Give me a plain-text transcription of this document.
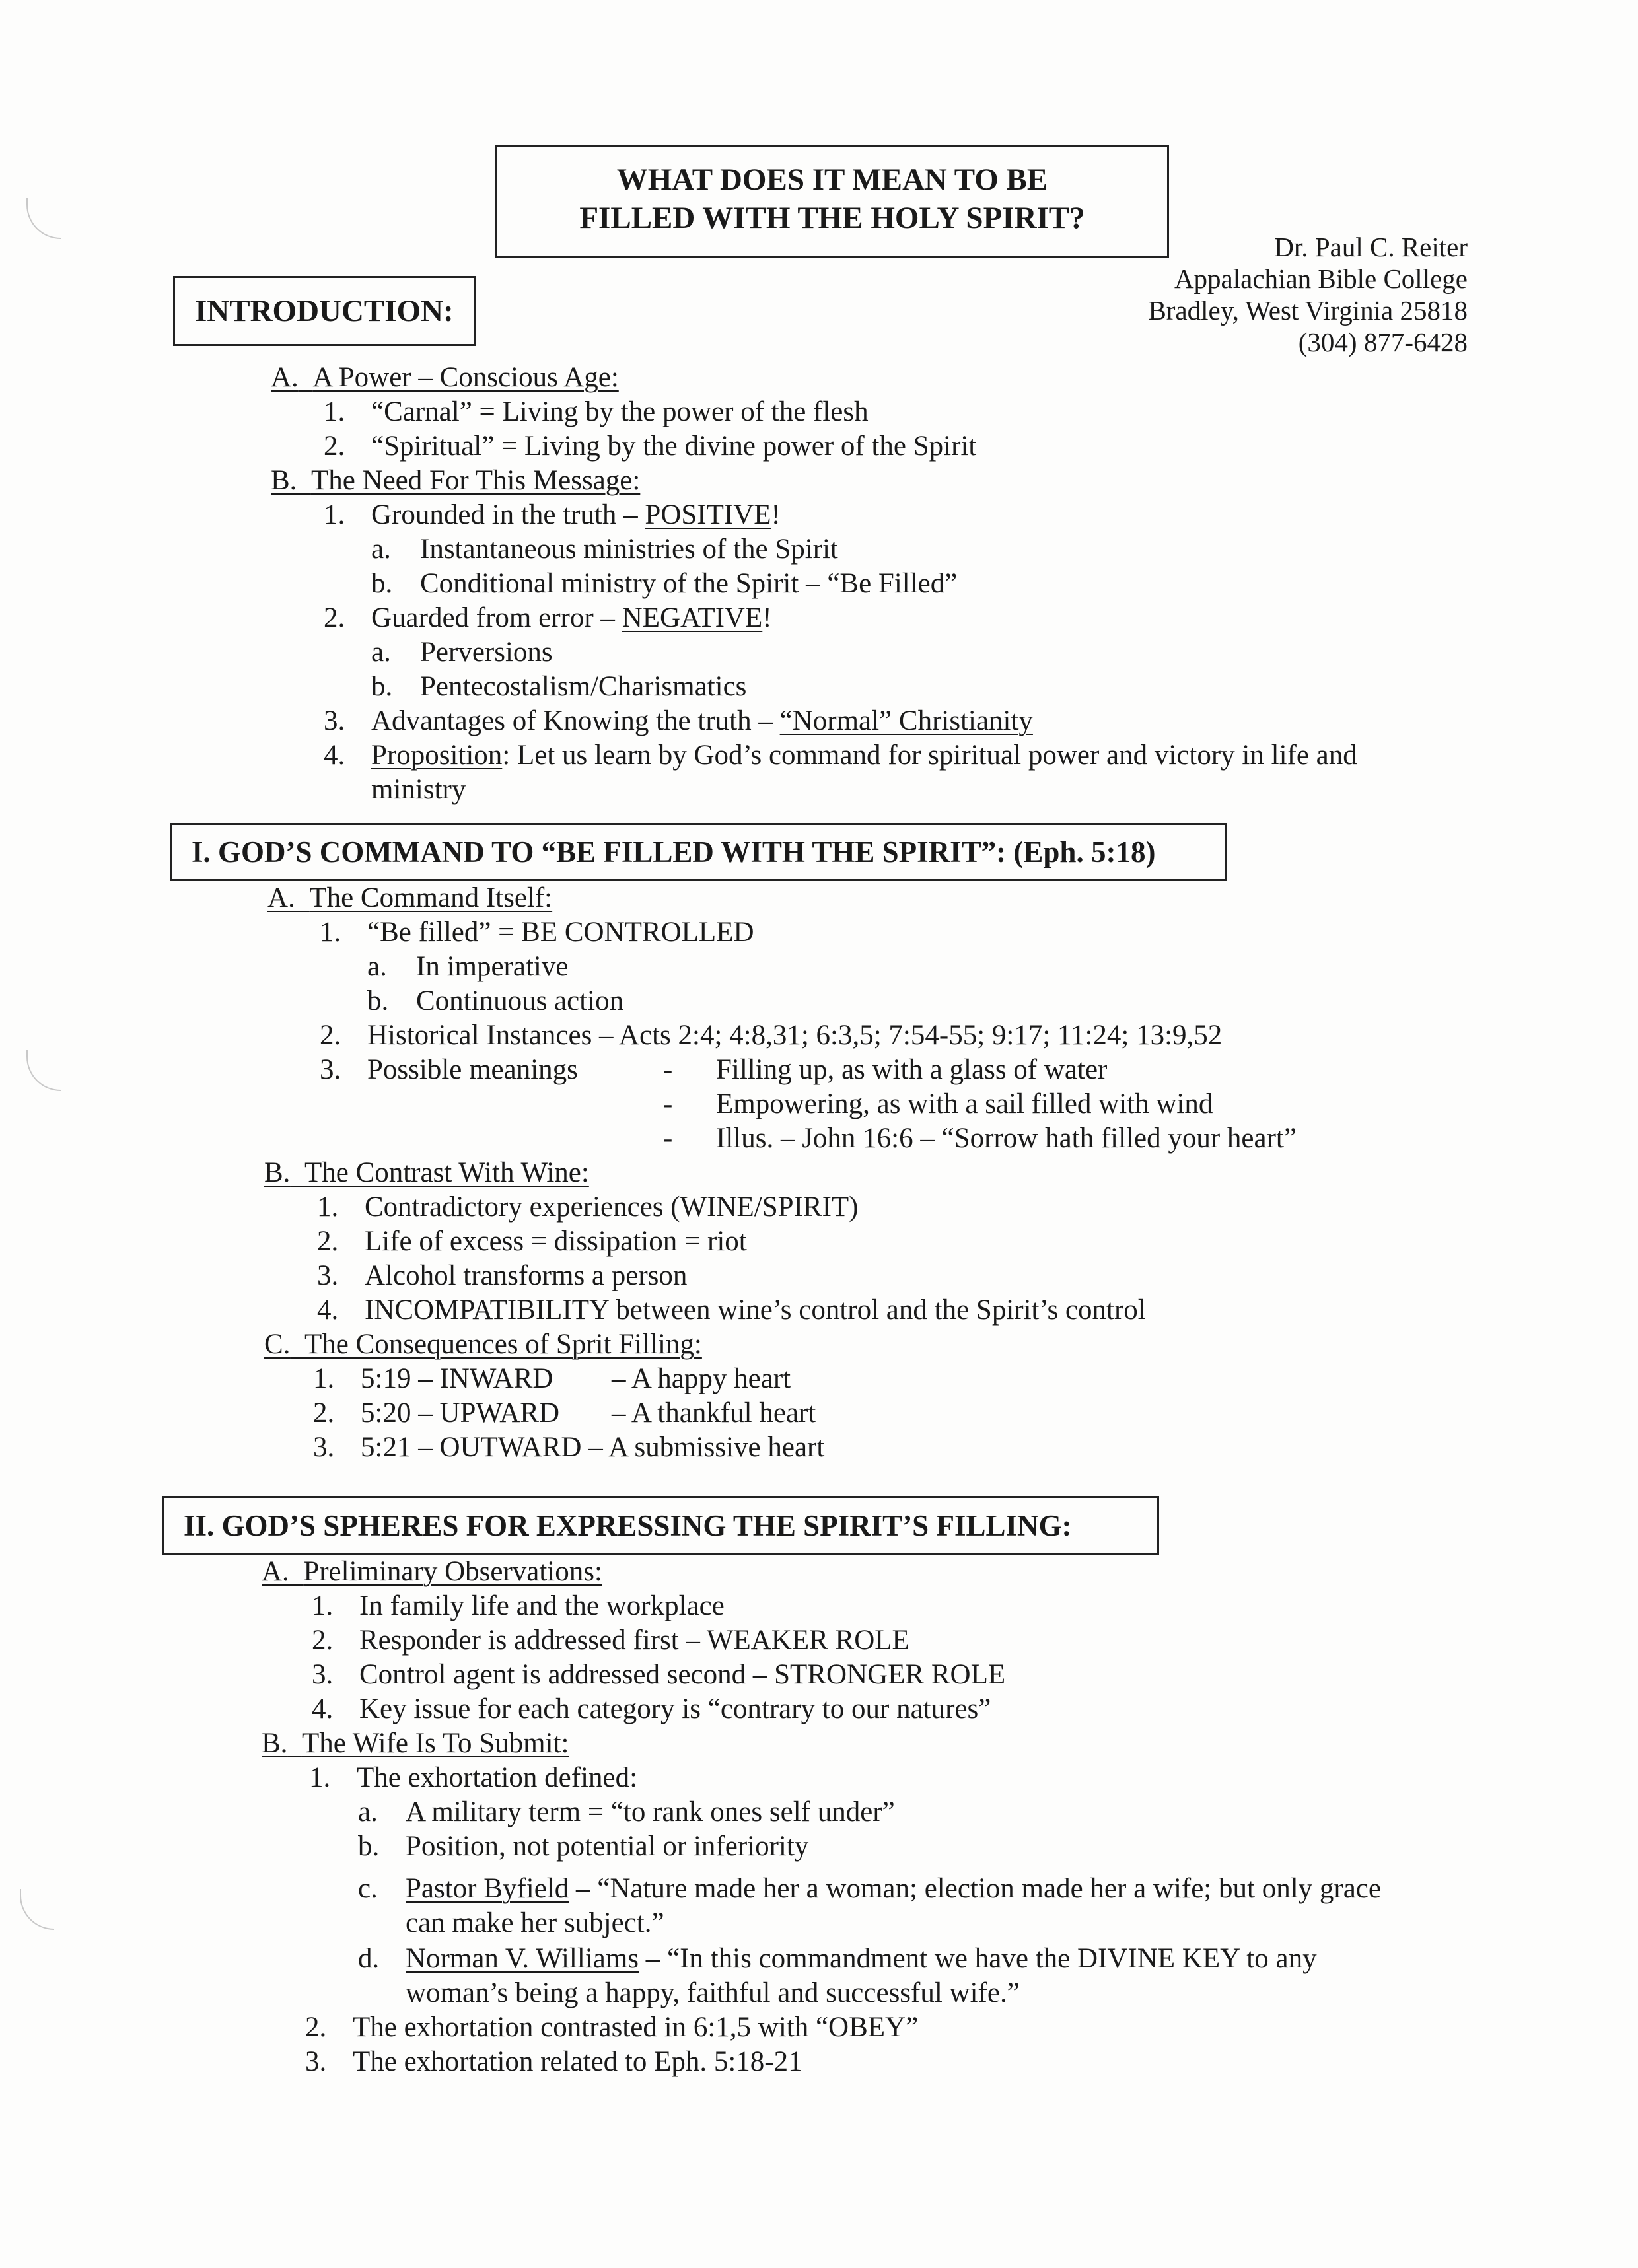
WHAT DOES IT MEAN TO BE
FILLED WITH THE HOLY SPIRIT?
Dr. Paul C. Reiter
Appalachian Bible College
Bradley, West Virginia 25818
(304) 877-6428
INTRODUCTION:
A. A Power – Conscious Age:
1. “Carnal” = Living by the power of the flesh
2. “Spiritual” = Living by the divine power of the Spirit
B. The Need For This Message:
1. Grounded in the truth – POSITIVE!
a. Instantaneous ministries of the Spirit
b. Conditional ministry of the Spirit – “Be Filled”
2. Guarded from error – NEGATIVE!
a. Perversions
b. Pentecostalism/Charismatics
3. Advantages of Knowing the truth – “Normal” Christianity
4. Proposition: Let us learn by God’s command for spiritual power and victory in life and
ministry
I. GOD’S COMMAND TO “BE FILLED WITH THE SPIRIT”: (Eph. 5:18)
A. The Command Itself:
1. “Be filled” = BE CONTROLLED
a. In imperative
b. Continuous action
2. Historical Instances – Acts 2:4; 4:8,31; 6:3,5; 7:54-55; 9:17; 11:24; 13:9,52
3. Possible meanings	- Filling up, as with a glass of water
- Empowering, as with a sail filled with wind
- Illus. – John 16:6 – “Sorrow hath filled your heart”
B. The Contrast With Wine:
1. Contradictory experiences (WINE/SPIRIT)
2. Life of excess = dissipation = riot
3. Alcohol transforms a person
4. INCOMPATIBILITY between wine’s control and the Spirit’s control
C. The Consequences of Sprit Filling:
1. 5:19 – INWARD – A happy heart
2. 5:20 – UPWARD – A thankful heart
3. 5:21 – OUTWARD – A submissive heart
II. GOD’S SPHERES FOR EXPRESSING THE SPIRIT’S FILLING:
A. Preliminary Observations:
1. In family life and the workplace
2. Responder is addressed first – WEAKER ROLE
3. Control agent is addressed second – STRONGER ROLE
4. Key issue for each category is “contrary to our natures”
B. The Wife Is To Submit:
1. The exhortation defined:
a. A military term = “to rank ones self under”
b. Position, not potential or inferiority
c. Pastor Byfield – “Nature made her a woman; election made her a wife; but only grace
can make her subject.”
d. Norman V. Williams – “In this commandment we have the DIVINE KEY to any
woman’s being a happy, faithful and successful wife.”
2. The exhortation contrasted in 6:1,5 with “OBEY”
3. The exhortation related to Eph. 5:18-21
